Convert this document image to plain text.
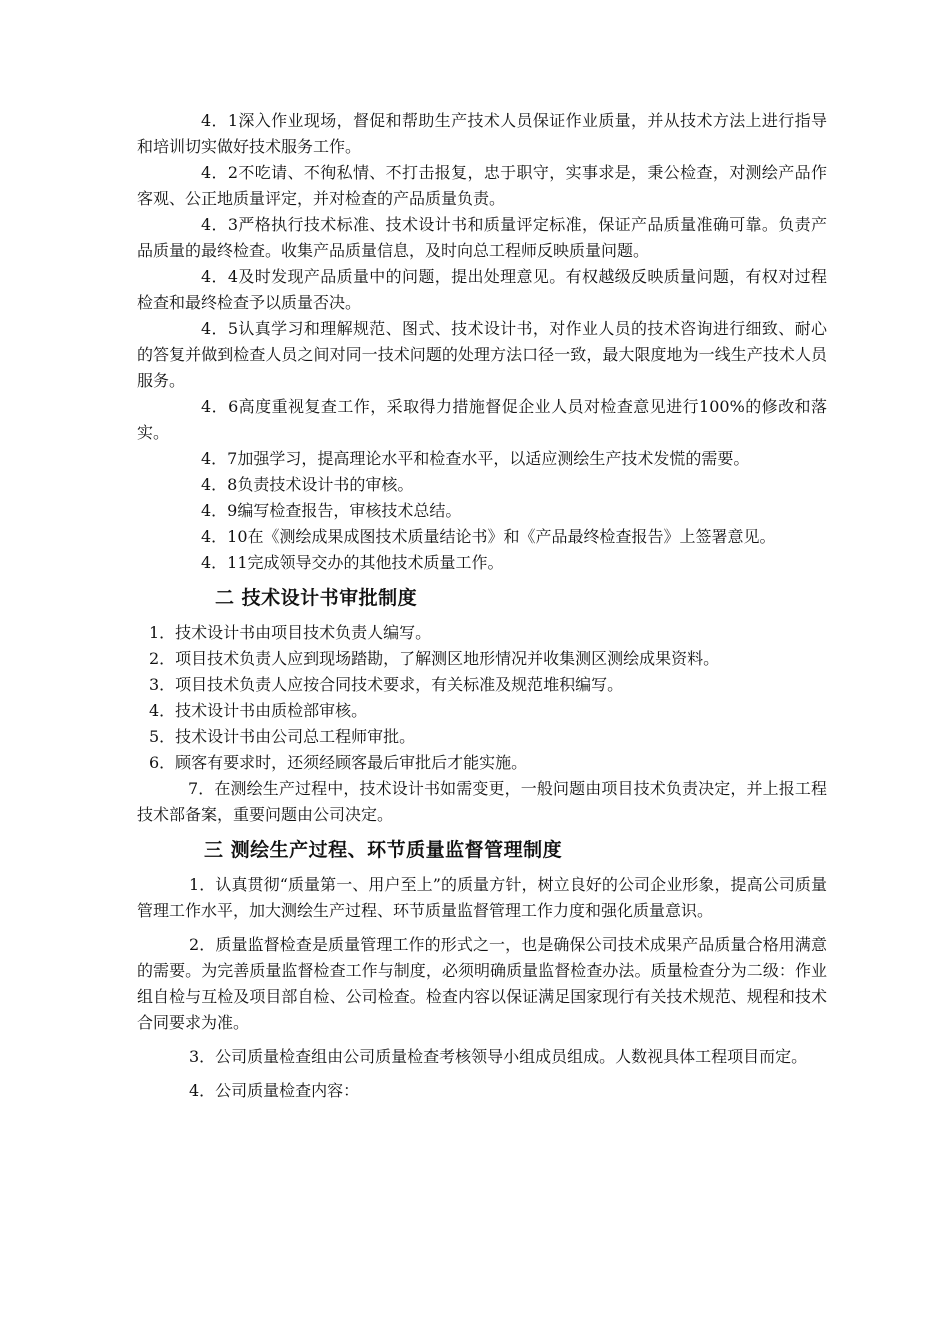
4．1深入作业现场，督促和帮助生产技术人员保证作业质量，并从技术方法上进行指导和培训切实做好技术服务工作。

4．2不吃请、不徇私情、不打击报复，忠于职守，实事求是，秉公检查，对测绘产品作客观、公正地质量评定，并对检查的产品质量负责。

4．3严格执行技术标准、技术设计书和质量评定标准，保证产品质量准确可靠。负责产品质量的最终检查。收集产品质量信息，及时向总工程师反映质量问题。

4．4及时发现产品质量中的问题，提出处理意见。有权越级反映质量问题，有权对过程检查和最终检查予以质量否决。

4．5认真学习和理解规范、图式、技术设计书，对作业人员的技术咨询进行细致、耐心的答复并做到检查人员之间对同一技术问题的处理方法口径一致，最大限度地为一线生产技术人员服务。

4．6高度重视复查工作，采取得力措施督促企业人员对检查意见进行100%的修改和落实。

4．7加强学习，提高理论水平和检查水平，以适应测绘生产技术发慌的需要。

4．8负责技术设计书的审核。

4．9编写检查报告，审核技术总结。

4．10在《测绘成果成图技术质量结论书》和《产品最终检查报告》上签署意见。

4．11完成领导交办的其他技术质量工作。

二 技术设计书审批制度

1．技术设计书由项目技术负责人编写。

2．项目技术负责人应到现场踏勘，了解测区地形情况并收集测区测绘成果资料。

3．项目技术负责人应按合同技术要求，有关标准及规范堆积编写。

4．技术设计书由质检部审核。

5．技术设计书由公司总工程师审批。

6．顾客有要求时，还须经顾客最后审批后才能实施。

7．在测绘生产过程中，技术设计书如需变更，一般问题由项目技术负责决定，并上报工程技术部备案，重要问题由公司决定。

三 测绘生产过程、环节质量监督管理制度

1．认真贯彻“质量第一、用户至上”的质量方针，树立良好的公司企业形象，提高公司质量管理工作水平，加大测绘生产过程、环节质量监督管理工作力度和强化质量意识。

2．质量监督检查是质量管理工作的形式之一，也是确保公司技术成果产品质量合格用满意的需要。为完善质量监督检查工作与制度，必须明确质量监督检查办法。质量检查分为二级：作业组自检与互检及项目部自检、公司检查。检查内容以保证满足国家现行有关技术规范、规程和技术合同要求为准。

3．公司质量检查组由公司质量检查考核领导小组成员组成。人数视具体工程项目而定。

4．公司质量检查内容：
